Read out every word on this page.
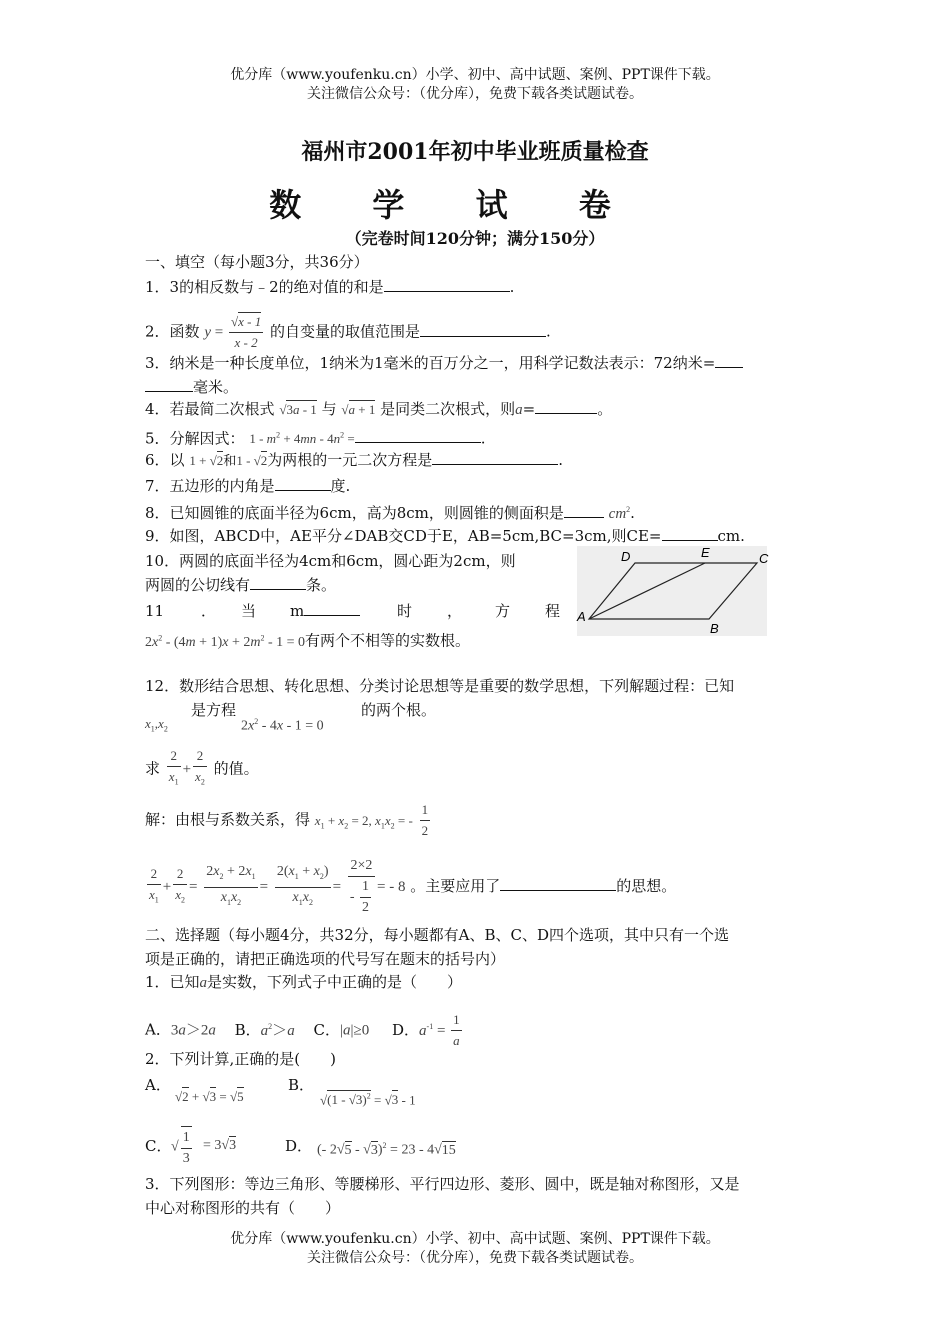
优分库（www.youfenku.cn）小学、初中、高中试题、案例、PPT课件下载。
关注微信公众号：（优分库），免费下载各类试题试卷。
福州市2001年初中毕业班质量检查
数 学 试 卷
（完卷时间120分钟；满分150分）
一、填空（每小题3分，共36分）
1．3的相反数与﹣2的绝对值的和是	.
2．函数 $y = \frac{√x - 1}{x - 2}$ 的自变量的取值范围是	.
3．纳米是一种长度单位，1纳米为1毫米的百万分之一，用科学记数法表示：72纳米=
毫米。
4．若最简二次根式 √3a - 1 与 √a + 1 是同类二次根式，则a=	。
5．分解因式： $1 - m^2 + 4mn - 4n^2$ =	.
6．以 1 + √2和1 - √2为两根的一元二次方程是	.
7．五边形的内角是	度.
8．已知圆锥的底面半径为6cm，高为8cm，则圆锥的侧面积是	$cm^2$.
9．如图，ABCD中，AE平分∠DAB交CD于E，AB=5cm,BC=3cm,则CE=	cm.
10．两圆的底面半径为4cm和6cm，圆心距为2cm，则
两圆的公切线有	条。
11 ． 当 m	时 ， 方 程
$2x^2 - (4m + 1)x + 2m^2 - 1 = 0$有两个不相等的实数根。
D	E	C
A
B
12．数形结合思想、转化思想、分类讨论思想等是重要的数学思想，下列解题过程：已知
$x_1,x_2$
是方程
$2x^2 - 4x - 1 = 0$
的两个根。
求 $\frac{2}{x_1} + \frac{2}{x_2}$ 的值。
解：由根与系数关系，得 $x_1 + x_2 = 2$, $x_1x_2$ = - $\frac{1}{2}$
$\frac{2}{x_1} + \frac{2}{x_2} = \frac{2x_2 + 2x_1}{x_1x_2} = \frac{2(x_1 + x_2)}{x_1x_2} = \frac{2\times 2}{- \frac{1}{2}}$ = - 8 。主要应用了	的思想。
二、选择题（每小题4分，共32分，每小题都有A、B、C、D四个选项，其中只有一个选
项是正确的，请把正确选项的代号写在题末的括号内）
1．已知a是实数，下列式子中正确的是（　　）
A．3a＞2a B．$a^2>a$ C．|a|≥0 D．$a^{-1} = \frac{1}{a}$
2．下列计算,正确的是(　　)
A．
√2 + √3 = √5
B．
√(1 - √3)$^2$ = √3 - 1
C． √ $\frac{1}{3} = 3√3$	D． (- 2√5 - √3)$^2$ = 23 - 4√15
3．下列图形：等边三角形、等腰梯形、平行四边形、菱形、圆中，既是轴对称图形，又是
中心对称图形的共有（　　）
优分库（www.youfenku.cn）小学、初中、高中试题、案例、PPT课件下载。
关注微信公众号：（优分库），免费下载各类试题试卷。
